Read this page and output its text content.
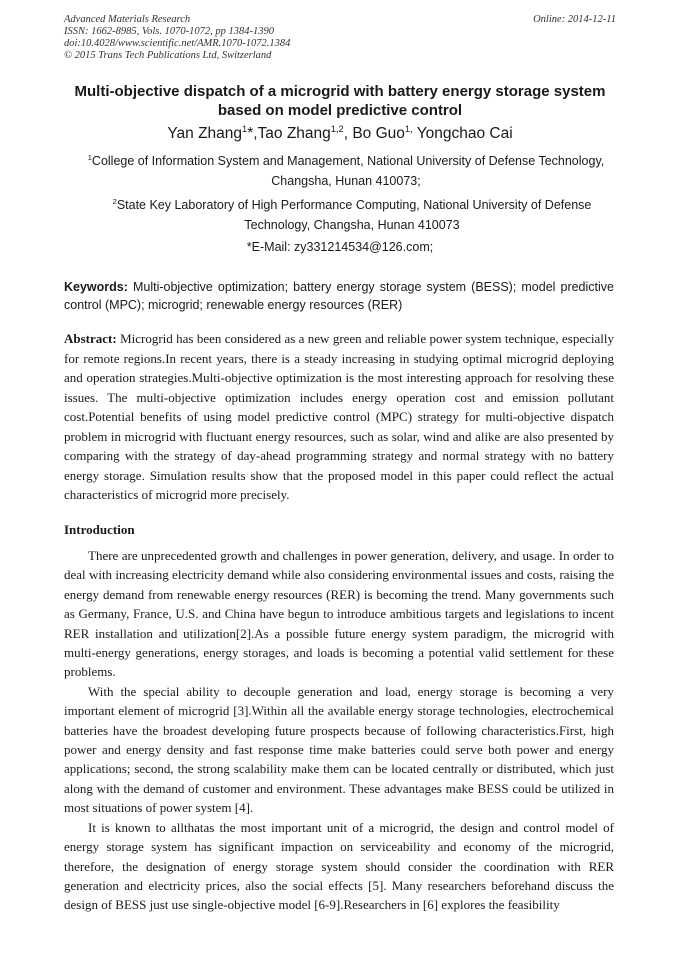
Advanced Materials Research
ISSN: 1662-8985, Vols. 1070-1072, pp 1384-1390
doi:10.4028/www.scientific.net/AMR.1070-1072.1384
© 2015 Trans Tech Publications Ltd, Switzerland
Online: 2014-12-11
Multi-objective dispatch of a microgrid with battery energy storage system based on model predictive control
Yan Zhang$^1$*,Tao Zhang$^{1,2}$, Bo Guo$^{1,}$ Yongchao Cai
$^1$College of Information System and Management, National University of Defense Technology, Changsha, Hunan 410073;
$^2$State Key Laboratory of High Performance Computing, National University of Defense Technology, Changsha, Hunan 410073
*E-Mail: zy331214534@126.com;
Keywords: Multi-objective optimization; battery energy storage system (BESS); model predictive control (MPC); microgrid; renewable energy resources (RER)
Abstract: Microgrid has been considered as a new green and reliable power system technique, especially for remote regions.In recent years, there is a steady increasing in studying optimal microgrid deploying and operation strategies.Multi-objective optimization is the most interesting approach for resolving these issues. The multi-objective optimization includes energy operation cost and emission pollutant cost.Potential benefits of using model predictive control (MPC) strategy for multi-objective dispatch problem in microgrid with fluctuant energy resources, such as solar, wind and alike are also presented by comparing with the strategy of day-ahead programming strategy and normal strategy with no battery energy storage. Simulation results show that the proposed model in this paper could reflect the actual characteristics of microgrid more precisely.
Introduction

There are unprecedented growth and challenges in power generation, delivery, and usage. In order to deal with increasing electricity demand while also considering environmental issues and costs, raising the energy demand from renewable energy resources (RER) is becoming the trend. Many governments such as Germany, France, U.S. and China have begun to introduce ambitious targets and legislations to incent RER installation and utilization[2].As a possible future energy system paradigm, the microgrid with multi-energy generations, energy storages, and loads is becoming a potential valid settlement for these problems.

With the special ability to decouple generation and load, energy storage is becoming a very important element of microgrid [3].Within all the available energy storage technologies, electrochemical batteries have the broadest developing future prospects because of following characteristics.First, high power and energy density and fast response time make batteries could serve both power and energy applications; second, the strong scalability make them can be located centrally or distributed, which just along with the demand of customer and environment. These advantages make BESS could be utilized in most situations of power system [4].

It is known to allthatas the most important unit of a microgrid, the design and control model of energy storage system has significant impaction on serviceability and economy of the microgrid, therefore, the designation of energy storage system should consider the coordination with RER generation and electricity prices, also the social effects [5]. Many researchers beforehand discuss the design of BESS just use single-objective model [6-9].Researchers in [6] explores the feasibility
